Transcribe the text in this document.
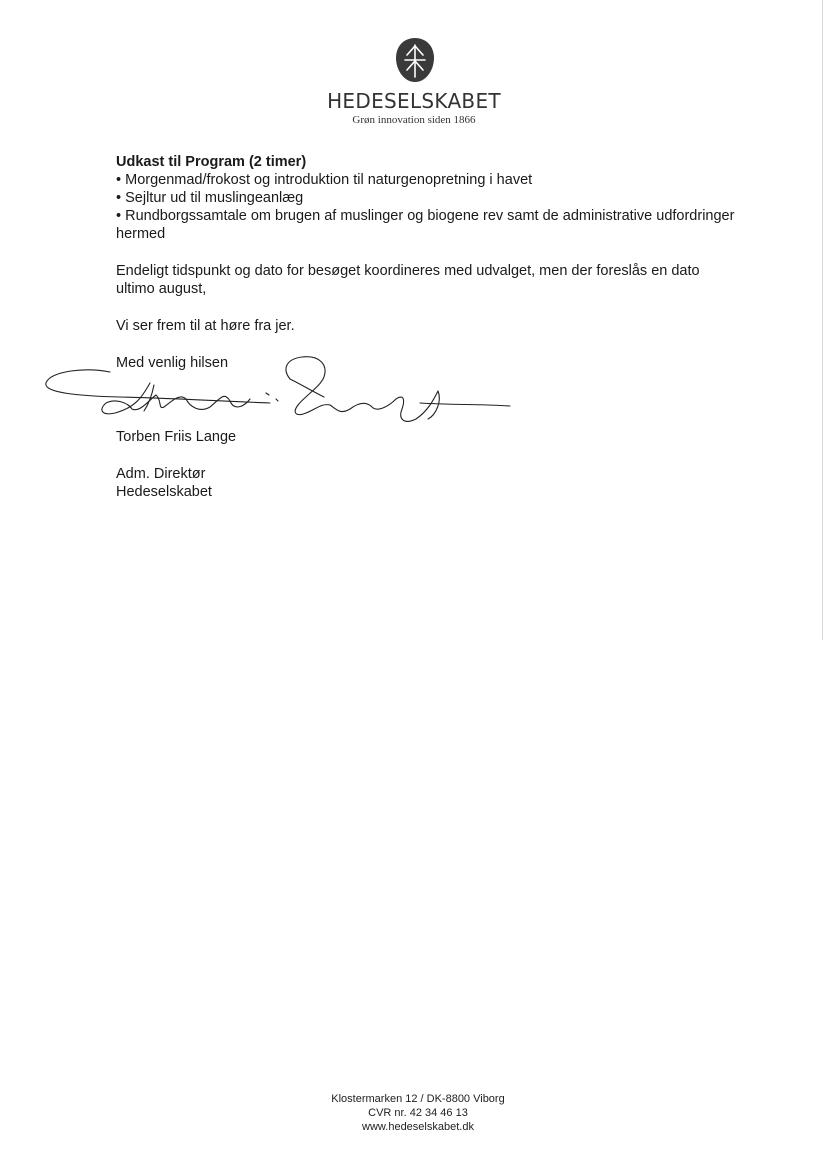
HEDESELSKABET
Grøn innovation siden 1866

Udkast til Program (2 timer)

• Morgenmad/frokost og introduktion til naturgenopretning i havet

• Sejltur ud til muslingeanlæg

• Rundborgssamtale om brugen af muslinger og biogene rev samt de administrative udfordringer hermed

Endeligt tidspunkt og dato for besøget koordineres med udvalget, men der foreslås en dato ultimo august,

Vi ser frem til at høre fra jer.

Med venlig hilsen

Torben Friis Lange

Adm. Direktør

Hedeselskabet

Klostermarken 12 / DK-8800 Viborg
CVR nr. 42 34 46 13
www.hedeselskabet.dk
